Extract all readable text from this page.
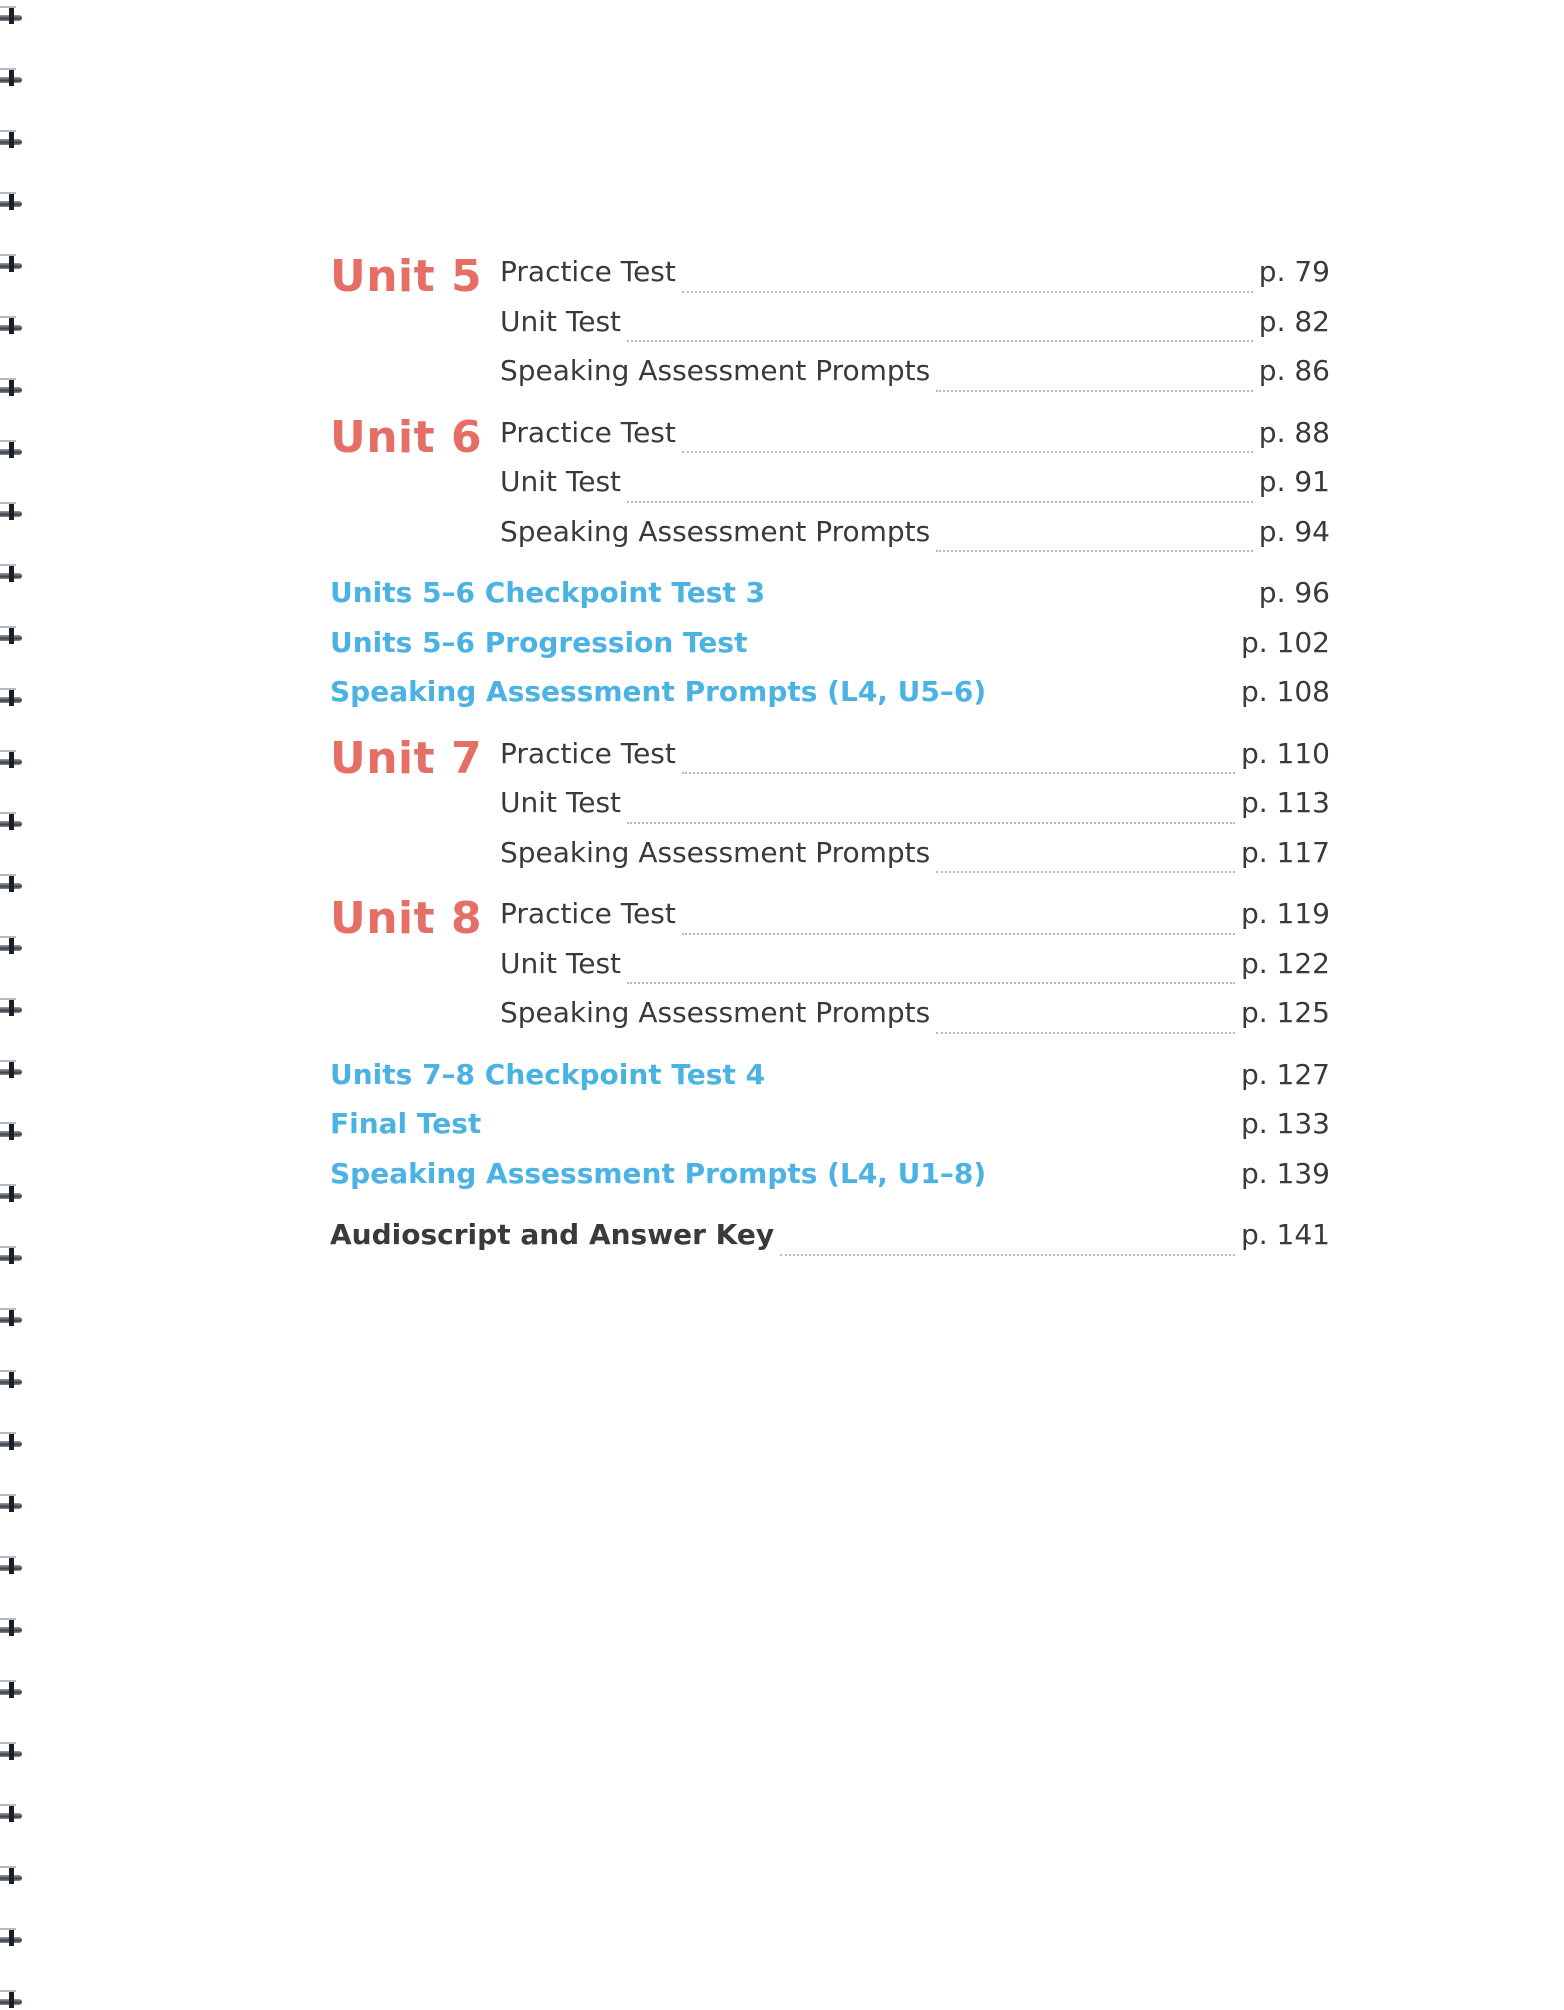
Unit 5 Practice Test	p. 79
Unit Test	p. 82
Speaking Assessment Prompts	p. 86
Unit 6 Practice Test	p. 88
Unit Test	p. 91
Speaking Assessment Prompts	p. 94
Units 5–6 Checkpoint Test 3	p. 96
Units 5–6 Progression Test	p. 102
Speaking Assessment Prompts (L4, U5–6)	p. 108
Unit 7 Practice Test	p. 110
Unit Test	p. 113
Speaking Assessment Prompts	p. 117
Unit 8 Practice Test	p. 119
Unit Test	p. 122
Speaking Assessment Prompts	p. 125
Units 7–8 Checkpoint Test 4	p. 127
Final Test	p. 133
Speaking Assessment Prompts (L4, U1–8)	p. 139
Audioscript and Answer Key	p. 141
